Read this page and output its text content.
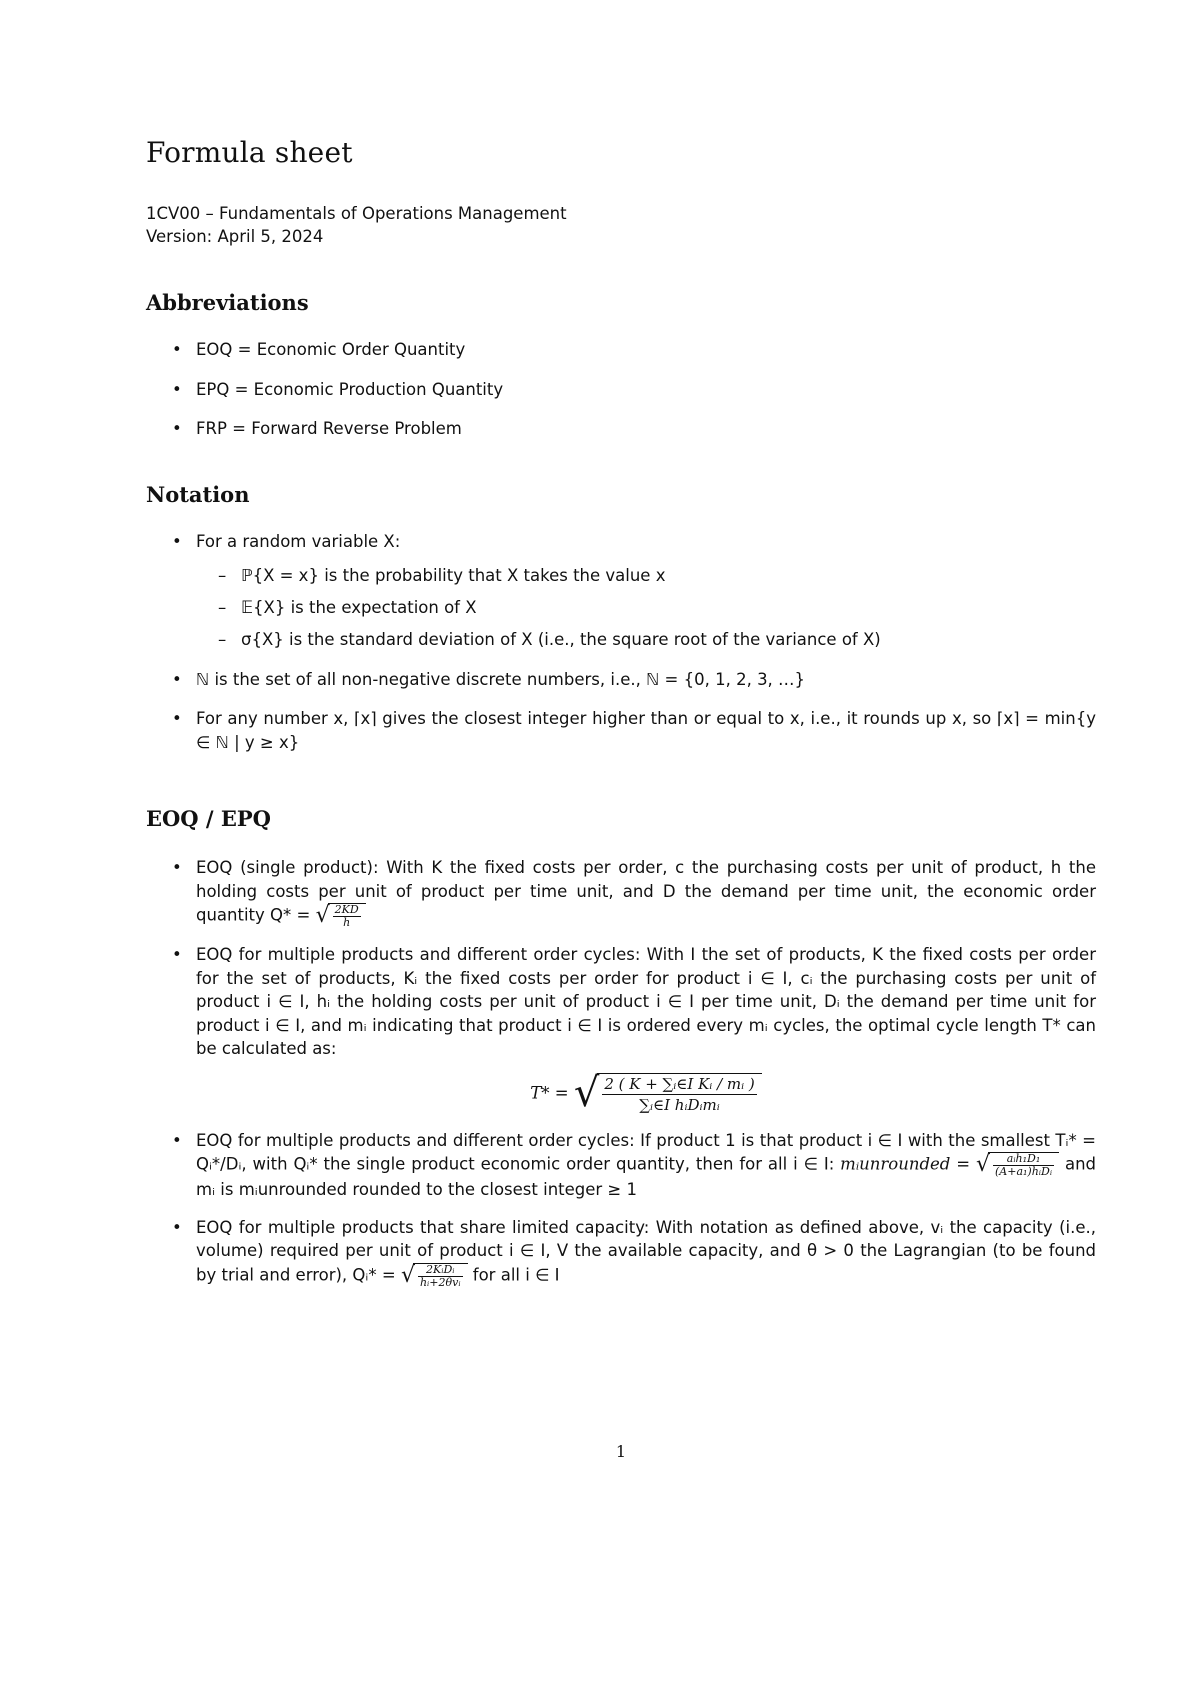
Formula sheet
1CV00 – Fundamentals of Operations Management
Version: April 5, 2024
Abbreviations
• EOQ = Economic Order Quantity
• EPQ = Economic Production Quantity
• FRP = Forward Reverse Problem
Notation
• For a random variable X:
– ℙ{X = x} is the probability that X takes the value x
– 𝔼{X} is the expectation of X
– σ{X} is the standard deviation of X (i.e., the square root of the variance of X)
• ℕ is the set of all non-negative discrete numbers, i.e., ℕ = {0, 1, 2, 3, …}
• For any number x, ⌈x⌉ gives the closest integer higher than or equal to x, i.e., it rounds up x, so ⌈x⌉ = min{y ∈ ℕ | y ≥ x}
EOQ / EPQ
• EOQ (single product): With K the fixed costs per order, c the purchasing costs per unit of product, h the holding costs per unit of product per time unit, and D the demand per time unit, the economic order quantity Q* = √ $\frac{2KD}{h}$
• EOQ for multiple products and different order cycles: With I the set of products, K the fixed costs per order for the set of products, Kᵢ the fixed costs per order for product i ∈ I, cᵢ the purchasing costs per unit of product i ∈ I, hᵢ the holding costs per unit of product i ∈ I per time unit, Dᵢ the demand per time unit for product i ∈ I, and mᵢ indicating that product i ∈ I is ordered every mᵢ cycles, the optimal cycle length T* can be calculated as:
T* = √ $\frac{\text{2 ( K + ∑ᵢ∈I Kᵢ / mᵢ )}}{\text{∑ᵢ∈I hᵢDᵢmᵢ}}$
• EOQ for multiple products and different order cycles: If product 1 is that product i ∈ I with the smallest Tᵢ* = Qᵢ*/Dᵢ, with Qᵢ* the single product economic order quantity, then for all i ∈ I: mᵢunrounded = √ $\frac{\text{aᵢh₁D₁}}{\text{(A+a₁)hᵢDᵢ}}$ and mᵢ is mᵢunrounded rounded to the closest integer ≥ 1
• EOQ for multiple products that share limited capacity: With notation as defined above, vᵢ the capacity (i.e., volume) required per unit of product i ∈ I, V the available capacity, and θ > 0 the Lagrangian (to be found by trial and error), Qᵢ* = √ $\frac{\text{2KᵢDᵢ}}{\text{hᵢ+2θvᵢ}}$ for all i ∈ I
1
